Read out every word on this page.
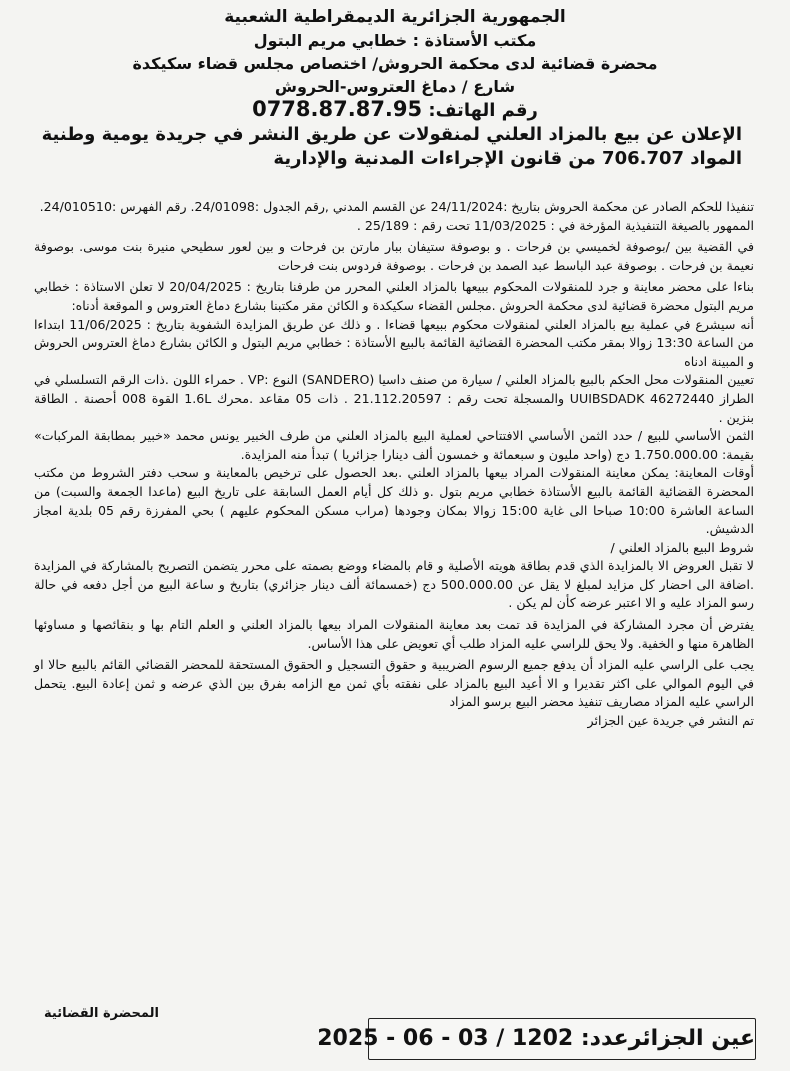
الجمهورية الجزائرية الديمقراطية الشعبية
مكتب الأستاذة : خطابي مريم البتول
محضرة قضائية لدى محكمة الحروش/ اختصاص مجلس قضاء سكيكدة
شارع / دماغ العتروس-الحروش
رقم الهاتف: 0778.87.87.95
الإعلان عن بيع بالمزاد العلني لمنقولات عن طريق النشر في جريدة يومية وطنية
المواد 706.707 من قانون الإجراءات المدنية والإدارية

تنفيذا للحكم الصادر عن محكمة الحروش بتاريخ :24/11/2024 عن القسم المدني ,رقم الجدول :24/01098. رقم الفهرس :24/010510.

الممهور بالصيغة التنفيذية المؤرخة في : 11/03/2025 تحت رقم : 25/189 .

في القضية بين /بوصوفة لخميسي بن فرحات . و بوصوفة ستيفان ببار مارتن بن فرحات و بين لعور سطيحي منيرة بنت موسى. بوصوفة نعيمة بن فرحات . بوصوفة عبد الباسط عبد الصمد بن فرحات . بوصوفة فردوس بنت فرحات

بناءا على محضر معاينة و جرد للمنقولات المحكوم ببيعها بالمزاد العلني المحرر من طرفنا بتاريخ : 20/04/2025 لا تعلن الاستاذة : خطابي مريم البتول محضرة قضائية لدى محكمة الحروش .مجلس القضاء سكيكدة و الكائن مقر مكتبنا بشارع دماغ العتروس و الموقعة أدناه:

أنه سيشرع في عملية بيع بالمزاد العلني لمنقولات محكوم ببيعها قضاءا . و ذلك عن طريق المزايدة الشفوية بتاريخ : 11/06/2025 ابتداءا من الساعة 13:30 زوالا بمقر مكتب المحضرة القضائية القائمة بالبيع الأستاذة : خطابي مريم البتول و الكائن بشارع دماغ العتروس الحروش و المبينة ادناه

تعيين المنقولات محل الحكم بالبيع بالمزاد العلني / سيارة من صنف داسيا (SANDERO) النوع :VP . حمراء اللون .ذات الرقم التسلسلي في الطراز UUIBSDADK 46272440 والمسجلة تحت رقم : 21.112.20597 . ذات 05 مقاعد .محرك 1.6L القوة 008 أحصنة . الطاقة بنزين .

الثمن الأساسي للبيع / حدد الثمن الأساسي الافتتاحي لعملية البيع بالمزاد العلني من طرف الخبير يونس محمد «خبير بمطابقة المركبات» بقيمة: 1.750.000.00 دج (واحد مليون و سبعمائة و خمسون ألف دينارا جزائريا ) تبدأ منه المزايدة.

أوقات المعاينة: يمكن معاينة المنقولات المراد بيعها بالمزاد العلني .بعد الحصول على ترخيص بالمعاينة و سحب دفتر الشروط من مكتب المحضرة القضائية القائمة بالبيع الأستاذة خطابي مريم بتول .و ذلك كل أيام العمل السابقة على تاريخ البيع (ماعدا الجمعة والسبت) من الساعة العاشرة 10:00 صباحا الى غاية 15:00 زوالا بمكان وجودها (مراب مسكن المحكوم عليهم ) بحي المفرزة رقم 05 بلدية امجاز الدشيش.

شروط البيع بالمزاد العلني /

لا تقبل العروض الا بالمزايدة الذي قدم بطاقة هويته الأصلية و قام بالمضاء ووضع بصمته على محرر يتضمن التصريح بالمشاركة في المزايدة .اضافة الى احضار كل مزايد لمبلغ لا يقل عن 500.000.00 دج (خمسمائة ألف دينار جزائري) بتاريخ و ساعة البيع من أجل دفعه في حالة رسو المزاد عليه و الا اعتبر عرضه كأن لم يكن .

يفترض أن مجرد المشاركة في المزايدة قد تمت بعد معاينة المنقولات المراد بيعها بالمزاد العلني و العلم التام بها و بنقائصها و مساوئها الظاهرة منها و الخفية. ولا يحق للراسي عليه المزاد طلب أي تعويض على هذا الأساس.

يجب على الراسي عليه المزاد أن يدفع جميع الرسوم الضريبية و حقوق التسجيل و الحقوق المستحقة للمحضر القضائي القائم بالبيع حالا او في اليوم الموالي على اكثر تقديرا و الا أعيد البيع بالمزاد على نفقته بأي ثمن مع الزامه بفرق بين الذي عرضه و ثمن إعادة البيع. يتحمل الراسي عليه المزاد مصاريف تنفيذ محضر البيع برسو المزاد

تم النشر في جريدة عين الجزائر

المحضرة القضائية
عين الجزائرعدد: 1202 / 03 - 06 - 2025
